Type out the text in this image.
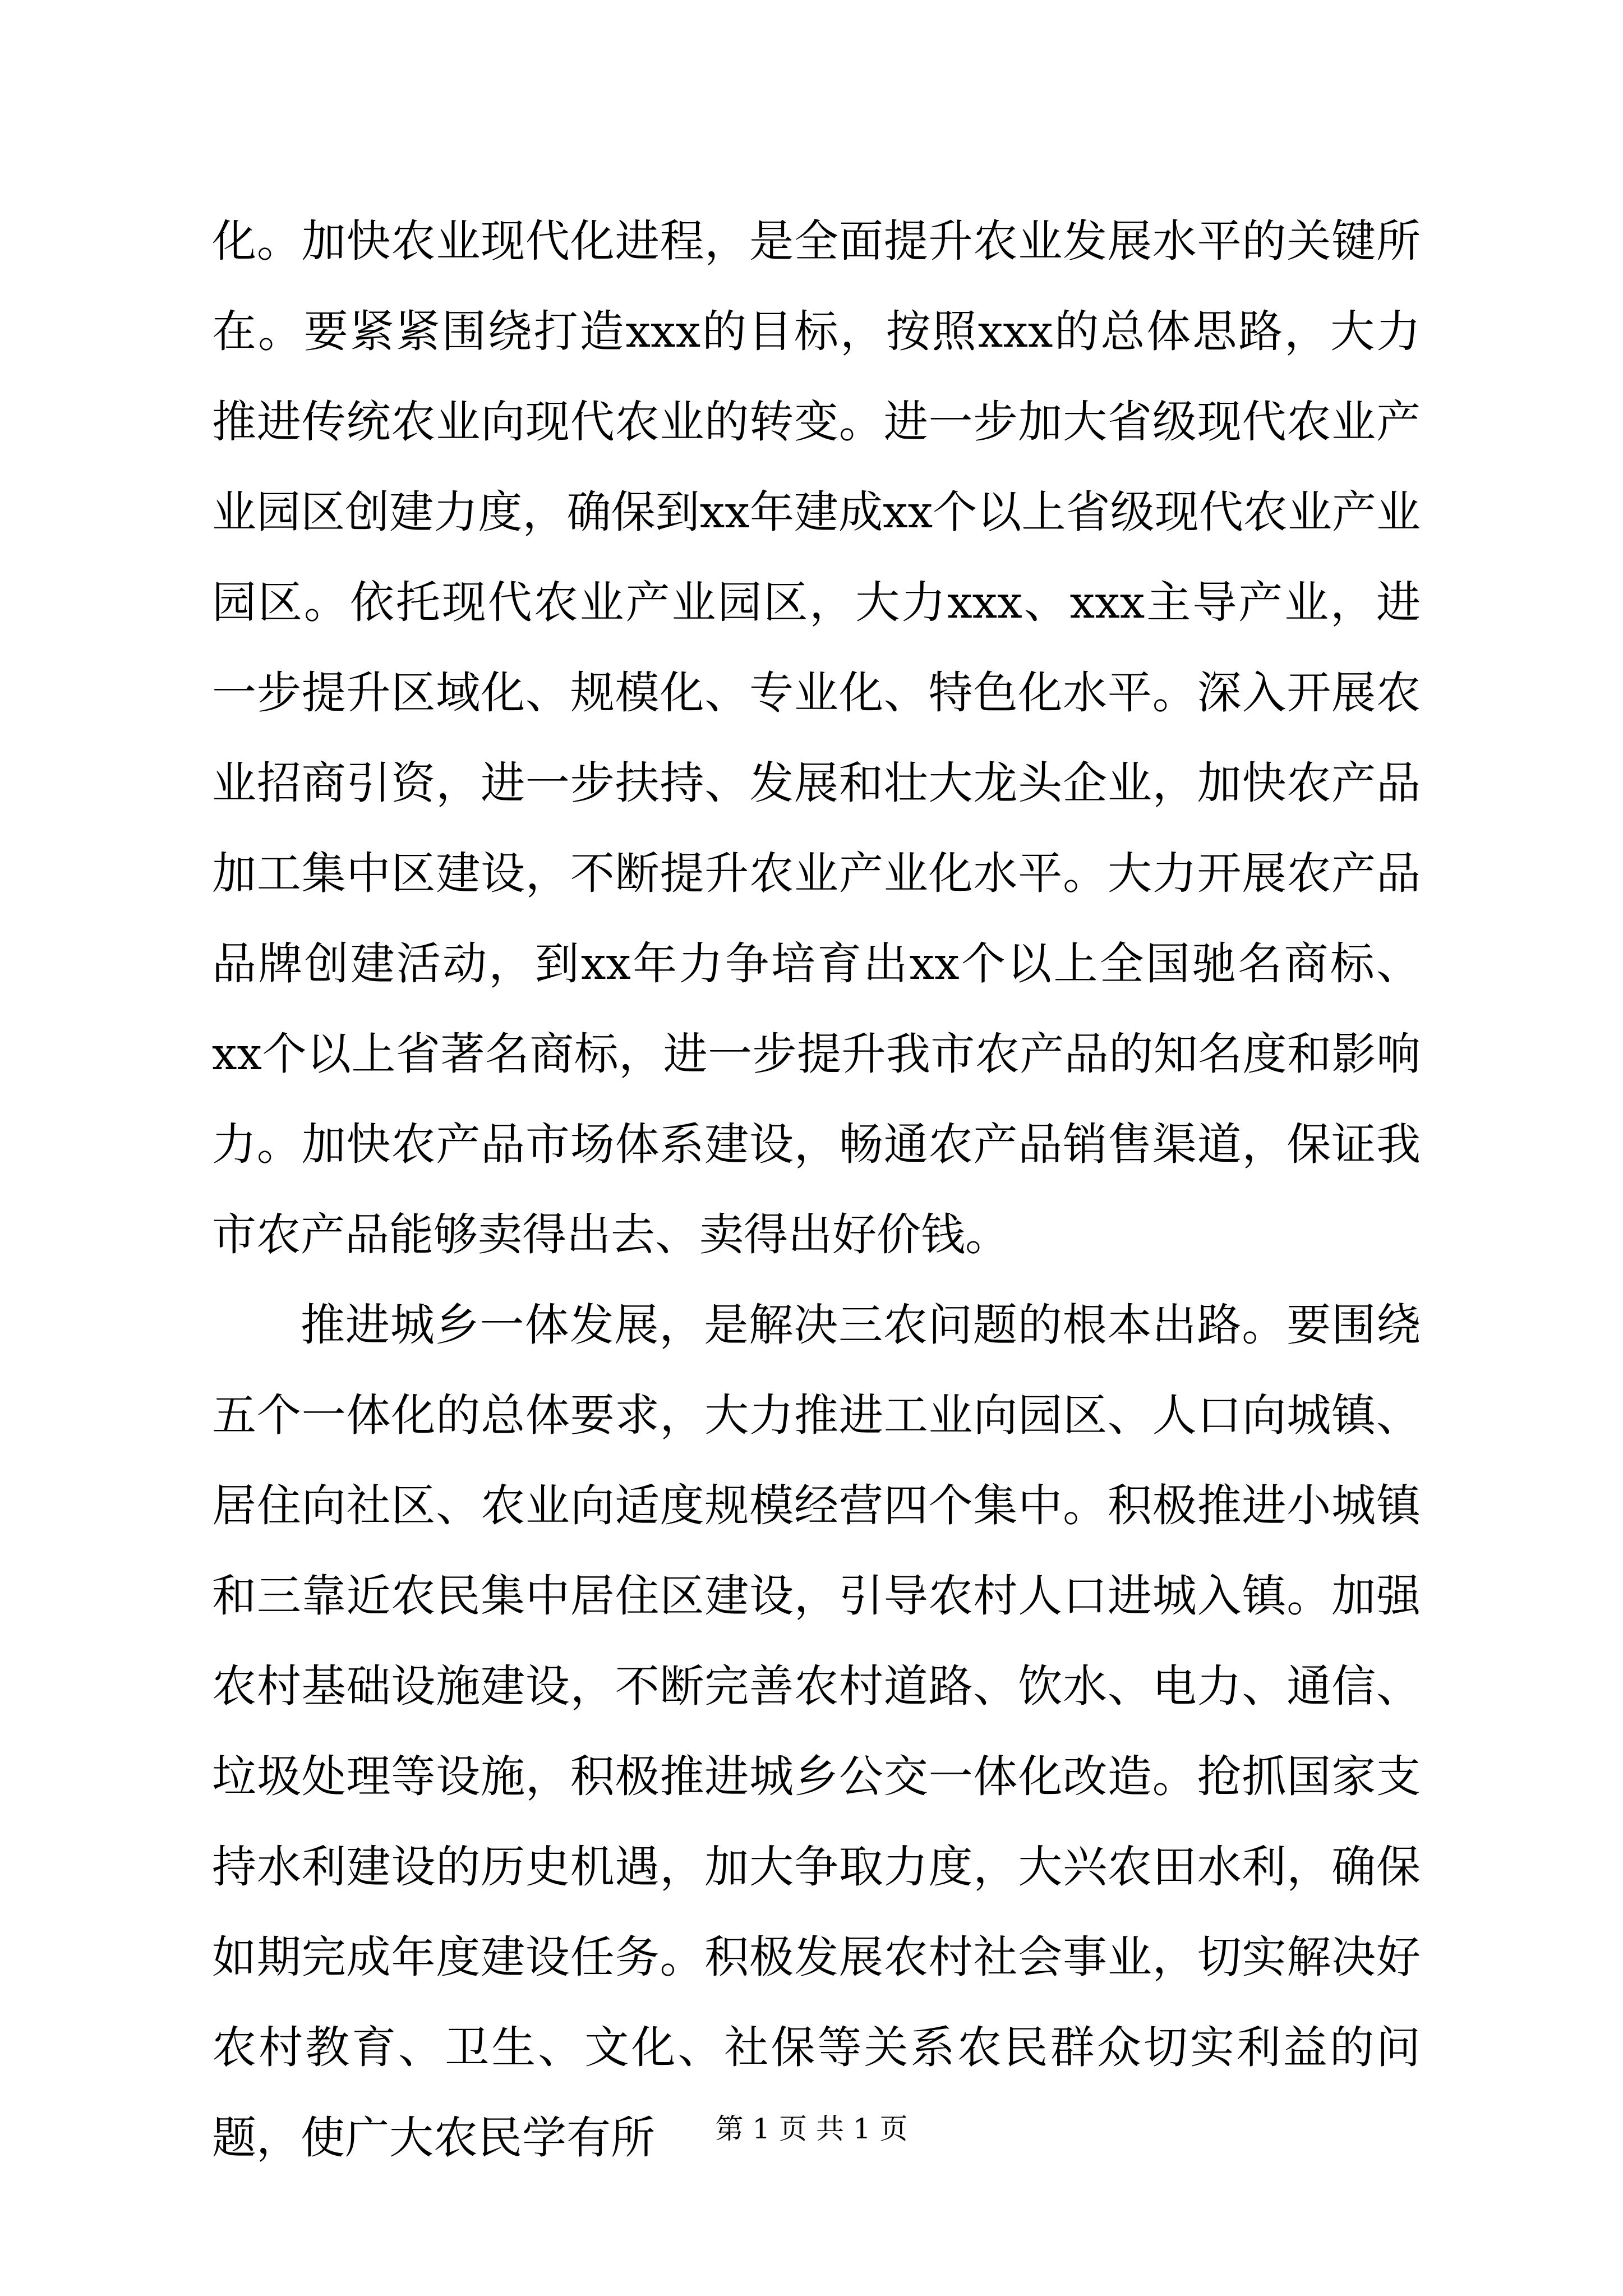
化。加快农业现代化进程，是全面提升农业发展水平的关键所在。要紧紧围绕打造xxx的目标，按照xxx的总体思路，大力推进传统农业向现代农业的转变。进一步加大省级现代农业产业园区创建力度，确保到xx年建成xx个以上省级现代农业产业园区。依托现代农业产业园区，大力xxx、xxx主导产业，进一步提升区域化、规模化、专业化、特色化水平。深入开展农业招商引资，进一步扶持、发展和壮大龙头企业，加快农产品加工集中区建设，不断提升农业产业化水平。大力开展农产品品牌创建活动，到xx年力争培育出xx个以上全国驰名商标、xx个以上省著名商标，进一步提升我市农产品的知名度和影响力。加快农产品市场体系建设，畅通农产品销售渠道，保证我市农产品能够卖得出去、卖得出好价钱。

推进城乡一体发展，是解决三农问题的根本出路。要围绕五个一体化的总体要求，大力推进工业向园区、人口向城镇、居住向社区、农业向适度规模经营四个集中。积极推进小城镇和三靠近农民集中居住区建设，引导农村人口进城入镇。加强农村基础设施建设，不断完善农村道路、饮水、电力、通信、垃圾处理等设施，积极推进城乡公交一体化改造。抢抓国家支持水利建设的历史机遇，加大争取力度，大兴农田水利，确保如期完成年度建设任务。积极发展农村社会事业，切实解决好农村教育、卫生、文化、社保等关系农民群众切实利益的问题，使广大农民学有所	第 1 页 共 1 页
